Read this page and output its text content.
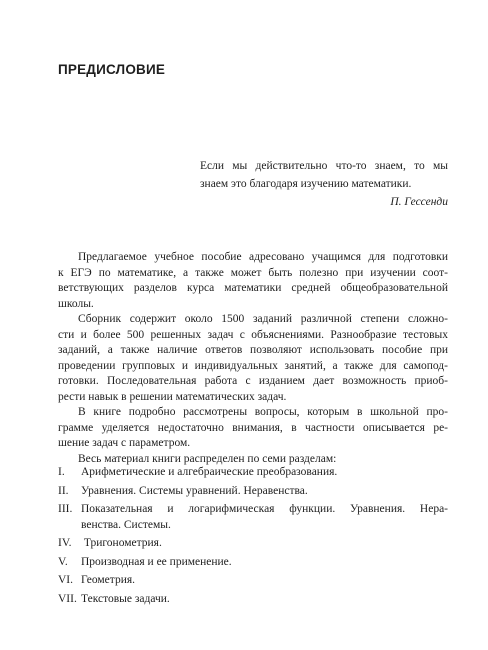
ПРЕДИСЛОВИЕ
Если мы действительно что-то знаем, то мы
знаем это благодаря изучению математики.
П. Гессенди
Предлагаемое учебное пособие адресовано учащимся для подготовки
к ЕГЭ по математике, а также может быть полезно при изучении соот-
ветствующих разделов курса математики средней общеобразовательной
школы.
Сборник содержит около 1500 заданий различной степени сложно-
сти и более 500 решенных задач с объяснениями. Разнообразие тестовых
заданий, а также наличие ответов позволяют использовать пособие при
проведении групповых и индивидуальных занятий, а также для самопод-
готовки. Последовательная работа с изданием дает возможность приоб-
рести навык в решении математических задач.
В книге подробно рассмотрены вопросы, которым в школьной про-
грамме уделяется недостаточно внимания, в частности описывается ре-
шение задач с параметром.
Весь материал книги распределен по семи разделам:
I.	Арифметические и алгебраические преобразования.
II.	Уравнения. Системы уравнений. Неравенства.
III. Показательная и логарифмическая функции. Уравнения. Нера-
венства. Системы.
IV. Тригонометрия.
V.	Производная и ее применение.
VI. Геометрия.
VII. Текстовые задачи.
